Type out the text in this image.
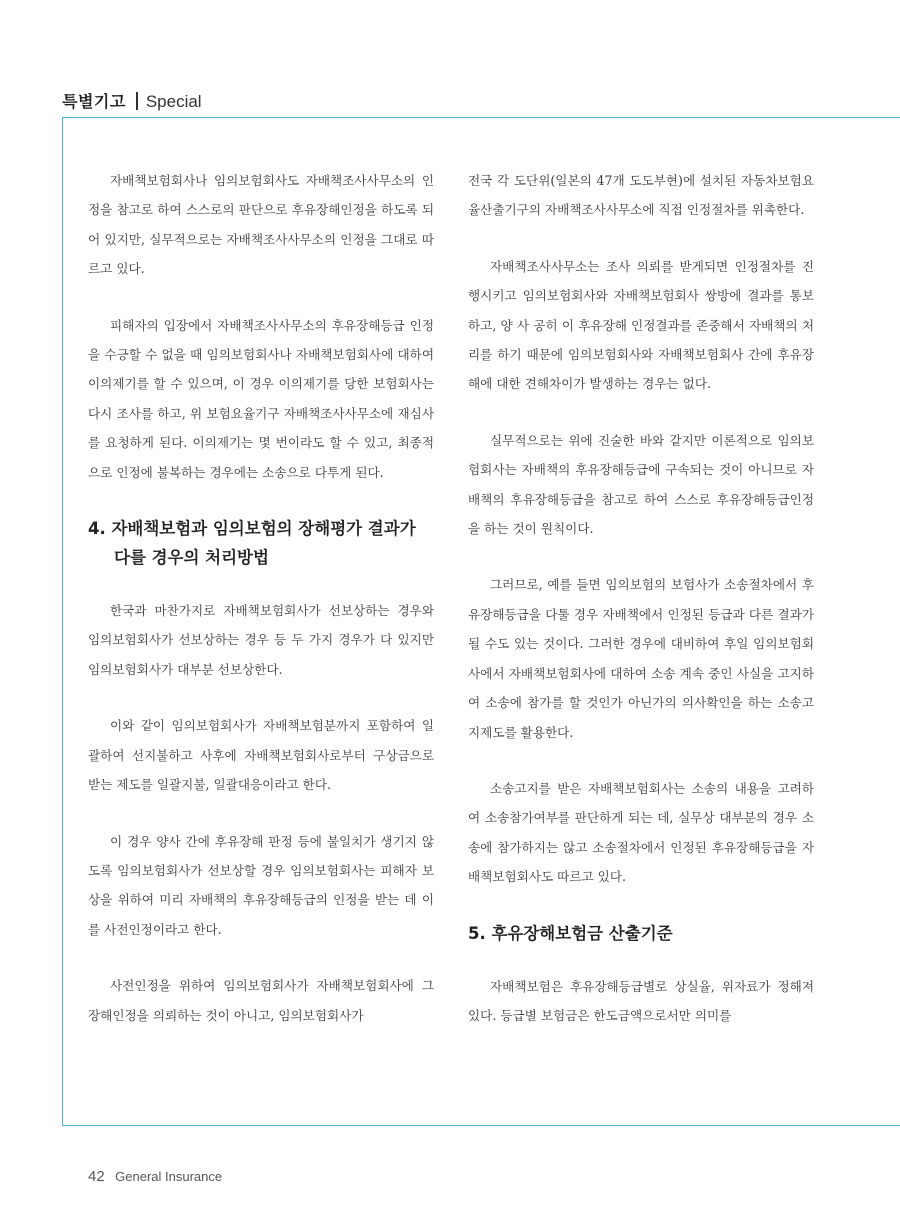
특별기고 Special

자배책보험회사나 임의보험회사도 자배책조사사무소의 인정을 참고로 하여 스스로의 판단으로 후유장해인정을 하도록 되어 있지만, 실무적으로는 자배책조사사무소의 인정을 그대로 따르고 있다.

피해자의 입장에서 자배책조사사무소의 후유장해등급 인정을 수긍할 수 없을 때 임의보험회사나 자배책보험회사에 대하여 이의제기를 할 수 있으며, 이 경우 이의제기를 당한 보험회사는 다시 조사를 하고, 위 보험요율기구 자배책조사사무소에 재심사를 요청하게 된다. 이의제기는 몇 번이라도 할 수 있고, 최종적으로 인정에 불복하는 경우에는 소송으로 다투게 된다.

4. 자배책보험과 임의보험의 장해평가 결과가
다를 경우의 처리방법

한국과 마찬가지로 자배책보험회사가 선보상하는 경우와 임의보험회사가 선보상하는 경우 등 두 가지 경우가 다 있지만 임의보험회사가 대부분 선보상한다.

이와 같이 임의보험회사가 자배책보험분까지 포함하여 일괄하여 선지불하고 사후에 자배책보험회사로부터 구상금으로 받는 제도를 일괄지불, 일괄대응이라고 한다.

이 경우 양사 간에 후유장해 판정 등에 불일치가 생기지 않도록 임의보험회사가 선보상할 경우 임의보험회사는 피해자 보상을 위하여 미리 자배책의 후유장해등급의 인정을 받는 데 이를 사전인정이라고 한다.

사전인정을 위하여 임의보험회사가 자배책보험회사에 그 장해인정을 의뢰하는 것이 아니고, 임의보험회사가

전국 각 도단위(일본의 47개 도도부현)에 설치된 자동차보험요율산출기구의 자배책조사사무소에 직접 인정절차를 위촉한다.

자배책조사사무소는 조사 의뢰를 받게되면 인정절차를 진행시키고 임의보험회사와 자배책보험회사 쌍방에 결과를 통보하고, 양 사 공히 이 후유장해 인정결과를 존중해서 자배책의 처리를 하기 때문에 임의보험회사와 자배책보험회사 간에 후유장해에 대한 견해차이가 발생하는 경우는 없다.

실무적으로는 위에 진술한 바와 같지만 이론적으로 임의보험회사는 자배책의 후유장해등급에 구속되는 것이 아니므로 자배책의 후유장해등급을 참고로 하여 스스로 후유장해등급인정을 하는 것이 원칙이다.

그러므로, 예를 들면 임의보험의 보험사가 소송절차에서 후유장해등급을 다툴 경우 자배책에서 인정된 등급과 다른 결과가 될 수도 있는 것이다. 그러한 경우에 대비하여 후일 임의보험회사에서 자배책보험회사에 대하여 소송 계속 중인 사실을 고지하여 소송에 참가를 할 것인가 아닌가의 의사확인을 하는 소송고지제도를 활용한다.

소송고지를 받은 자배책보험회사는 소송의 내용을 고려하여 소송참가여부를 판단하게 되는 데, 실무상 대부분의 경우 소송에 참가하지는 않고 소송절차에서 인정된 후유장해등급을 자배책보험회사도 따르고 있다.

5. 후유장해보험금 산출기준

자배책보험은 후유장해등급별로 상실율, 위자료가 정해져 있다. 등급별 보험금은 한도금액으로서만 의미를

42 General Insurance
